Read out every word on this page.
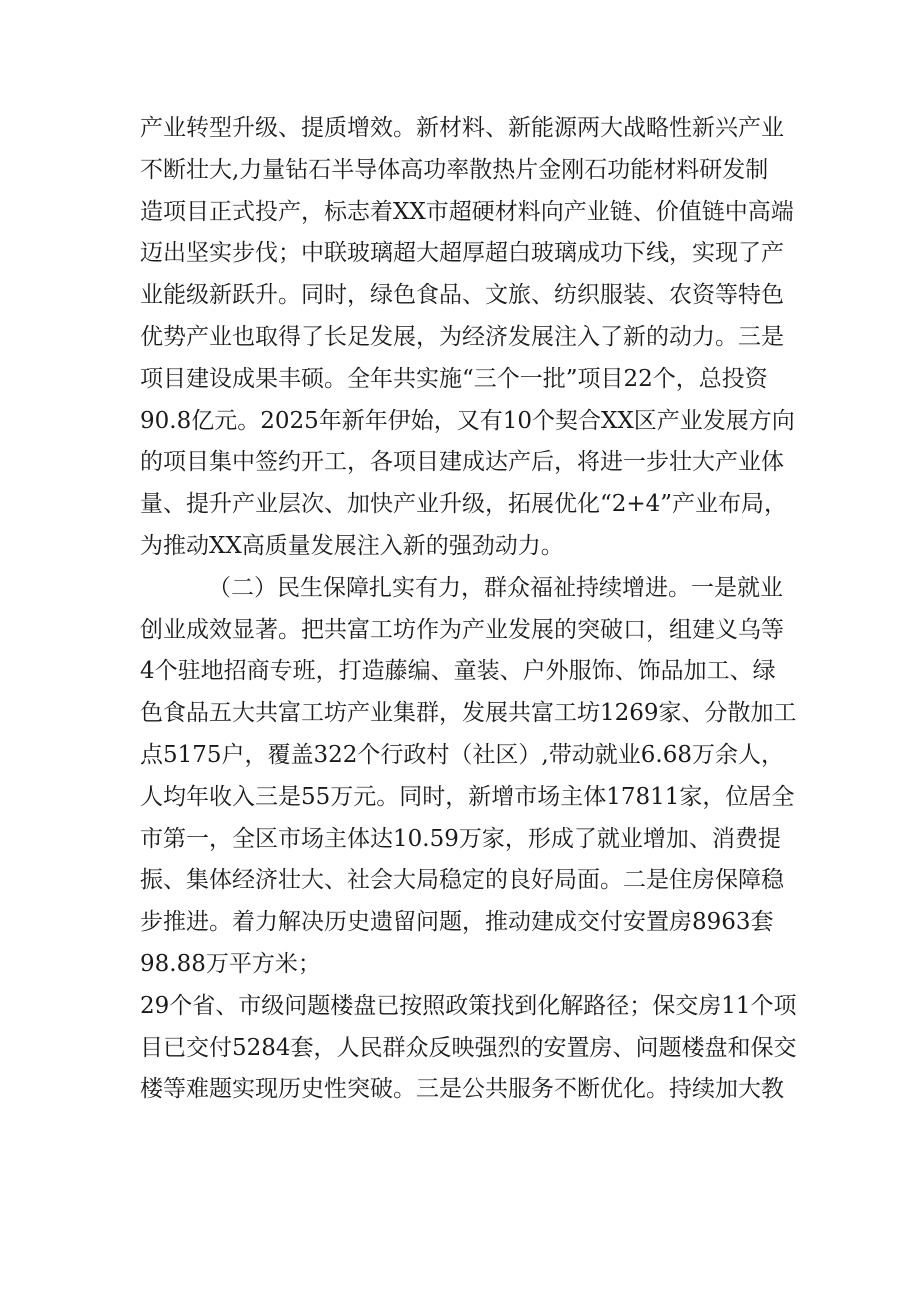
产业转型升级、提质增效。新材料、新能源两大战略性新兴产业
不断壮大,力量钻石半导体高功率散热片金刚石功能材料研发制
造项目正式投产，标志着XX市超硬材料向产业链、价值链中高端
迈出坚实步伐；中联玻璃超大超厚超白玻璃成功下线，实现了产
业能级新跃升。同时，绿色食品、文旅、纺织服装、农资等特色
优势产业也取得了长足发展，为经济发展注入了新的动力。三是
项目建设成果丰硕。全年共实施“三个一批”项目22个，总投资
90.8亿元。2025年新年伊始，又有10个契合XX区产业发展方向
的项目集中签约开工，各项目建成达产后，将进一步壮大产业体
量、提升产业层次、加快产业升级，拓展优化“2+4”产业布局，
为推动XX高质量发展注入新的强劲动力。
（二）民生保障扎实有力，群众福祉持续增进。一是就业
创业成效显著。把共富工坊作为产业发展的突破口，组建义乌等
4个驻地招商专班，打造藤编、童装、户外服饰、饰品加工、绿
色食品五大共富工坊产业集群，发展共富工坊1269家、分散加工
点5175户，覆盖322个行政村（社区）,带动就业6.68万余人，
人均年收入三是55万元。同时，新增市场主体17811家，位居全
市第一，全区市场主体达10.59万家，形成了就业增加、消费提
振、集体经济壮大、社会大局稳定的良好局面。二是住房保障稳
步推进。着力解决历史遗留问题，推动建成交付安置房8963套
98.88万平方米；
29个省、市级问题楼盘已按照政策找到化解路径；保交房11个项
目已交付5284套，人民群众反映强烈的安置房、问题楼盘和保交
楼等难题实现历史性突破。三是公共服务不断优化。持续加大教
